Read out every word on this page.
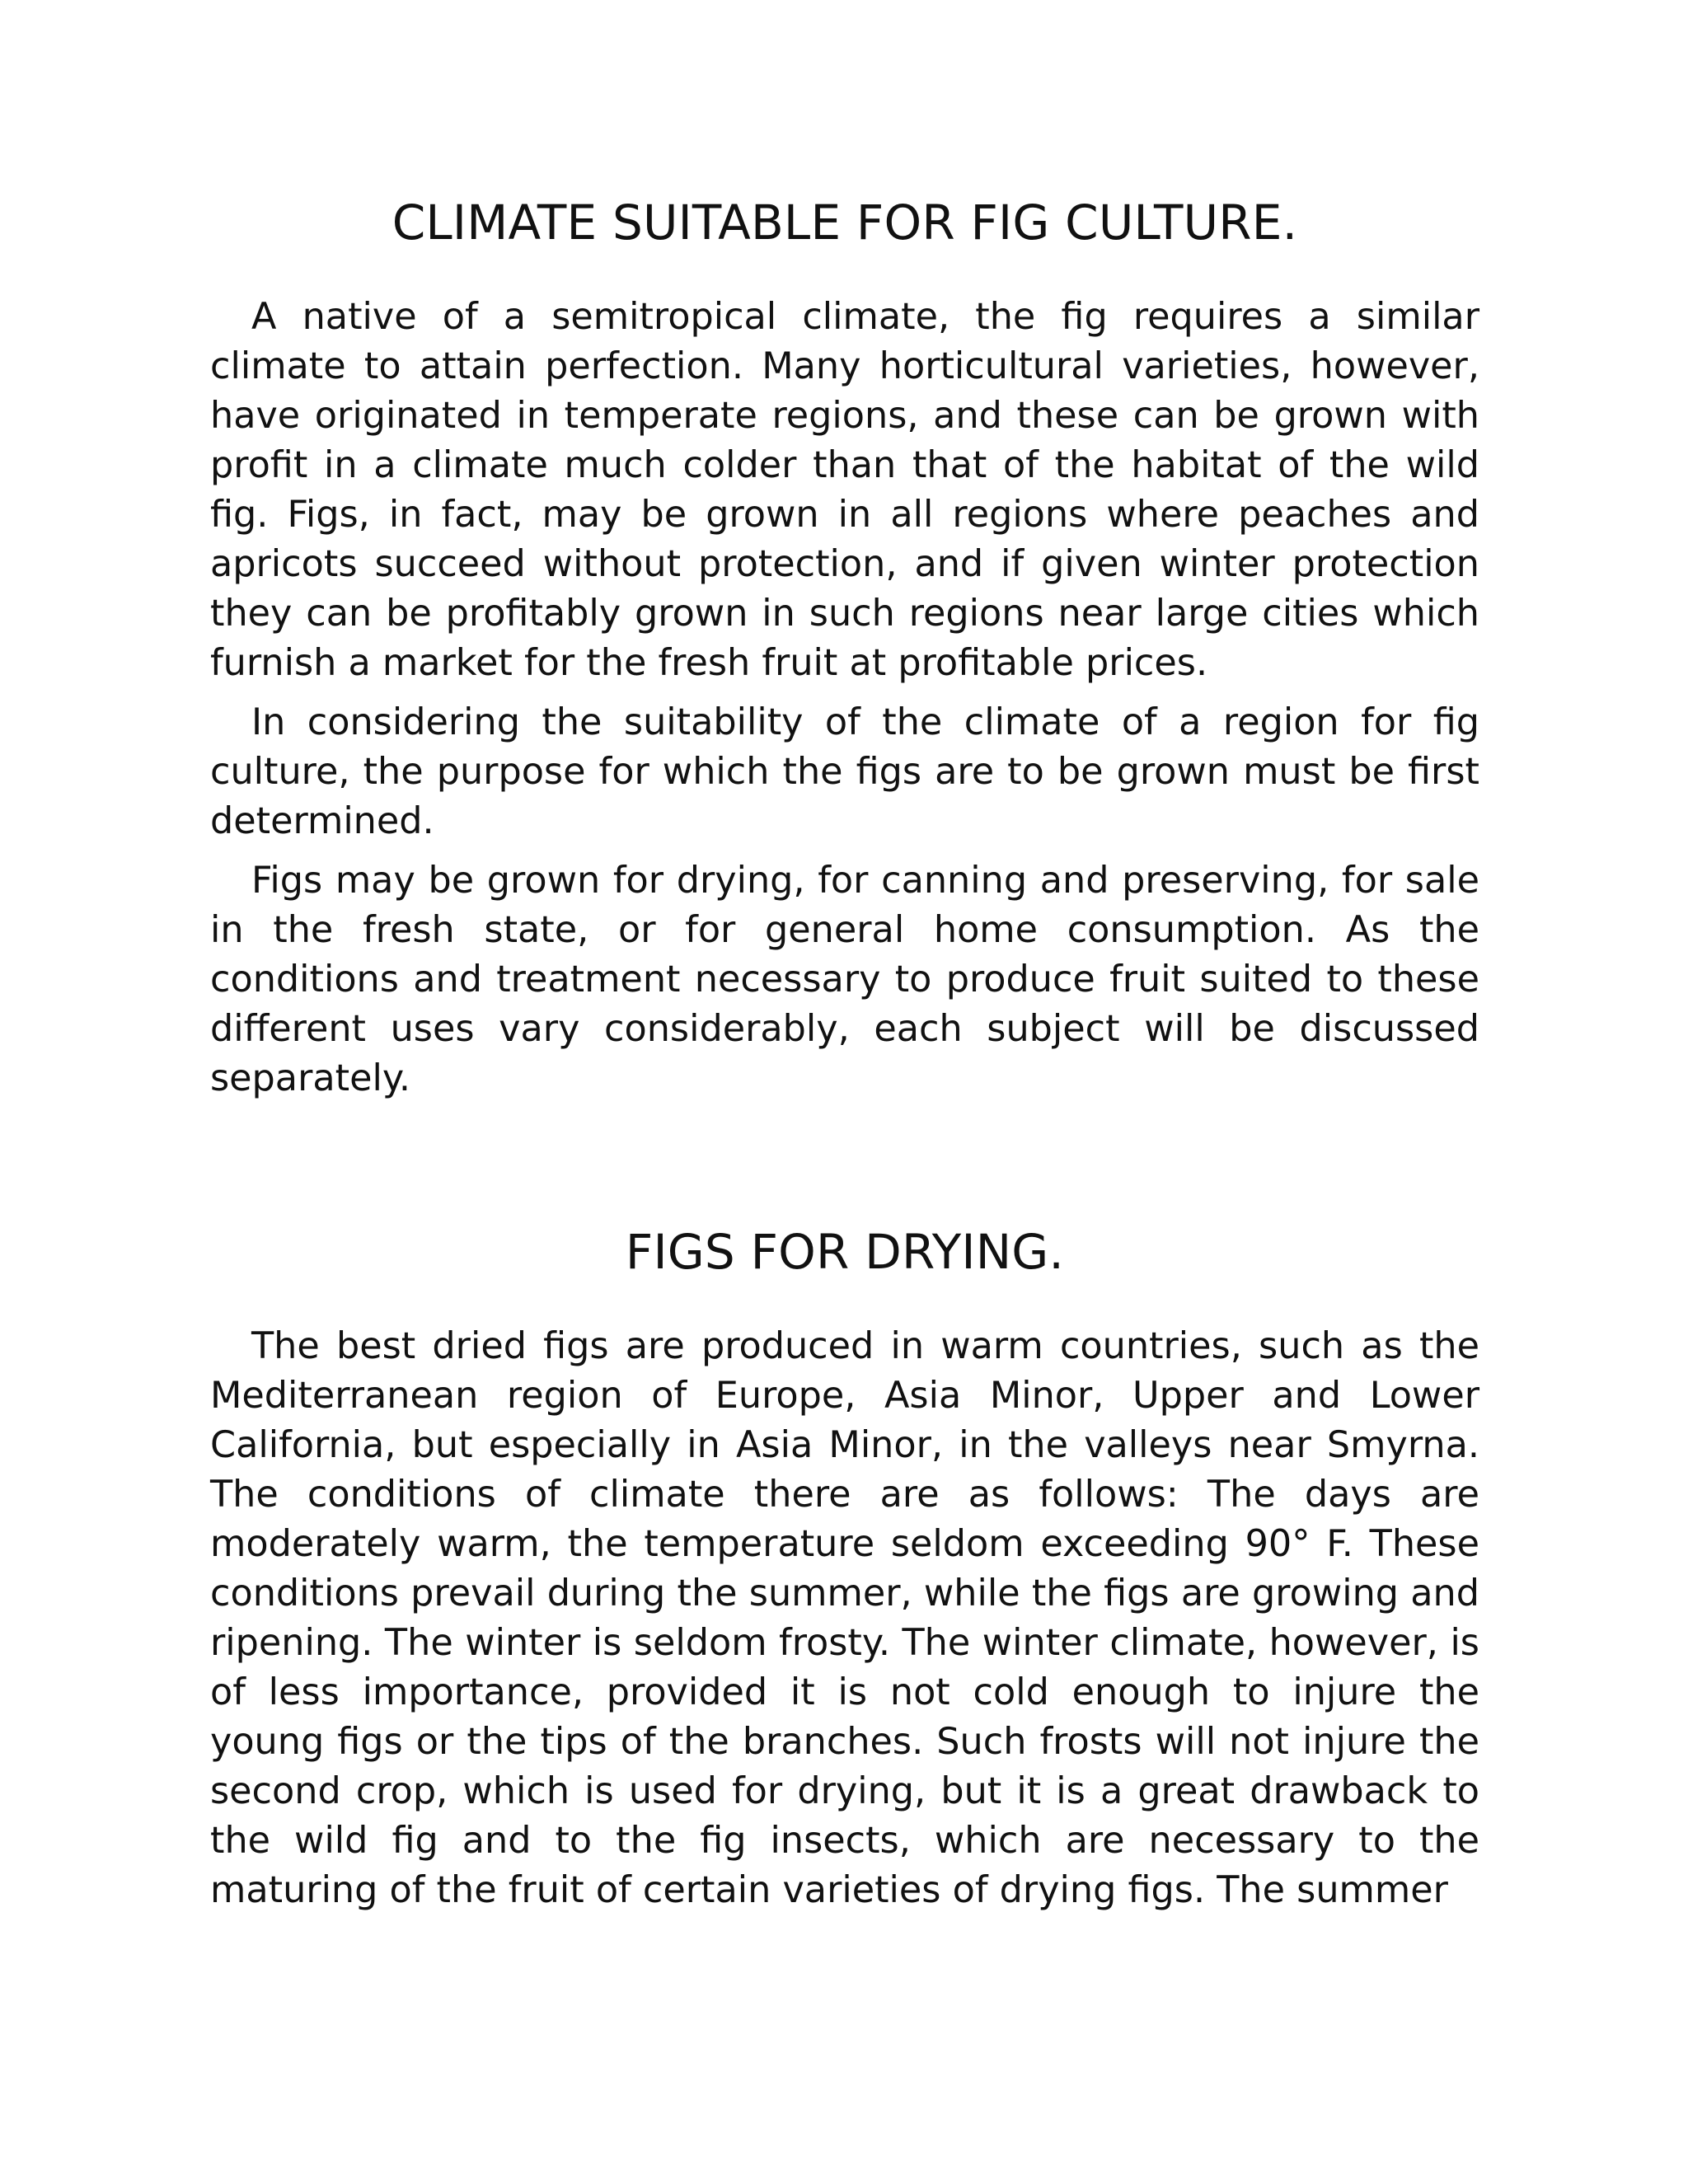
CLIMATE SUITABLE FOR FIG CULTURE.

A native of a semitropical climate, the fig requires a similar climate to attain perfection. Many horticultural varieties, however, have originated in temperate regions, and these can be grown with profit in a climate much colder than that of the habitat of the wild fig. Figs, in fact, may be grown in all regions where peaches and apricots succeed without protection, and if given winter protection they can be profitably grown in such regions near large cities which furnish a market for the fresh fruit at profitable prices.

In considering the suitability of the climate of a region for fig culture, the purpose for which the figs are to be grown must be first determined.

Figs may be grown for drying, for canning and preserving, for sale in the fresh state, or for general home consumption. As the conditions and treatment necessary to produce fruit suited to these different uses vary considerably, each subject will be discussed separately.

FIGS FOR DRYING.

The best dried figs are produced in warm countries, such as the Mediterranean region of Europe, Asia Minor, Upper and Lower California, but especially in Asia Minor, in the valleys near Smyrna. The conditions of climate there are as follows: The days are moderately warm, the temperature seldom exceeding 90° F. These conditions prevail during the summer, while the figs are growing and ripening. The winter is seldom frosty. The winter climate, however, is of less importance, provided it is not cold enough to injure the young figs or the tips of the branches. Such frosts will not injure the second crop, which is used for drying, but it is a great drawback to the wild fig and to the fig insects, which are necessary to the maturing of the fruit of certain varieties of drying figs. The summer
